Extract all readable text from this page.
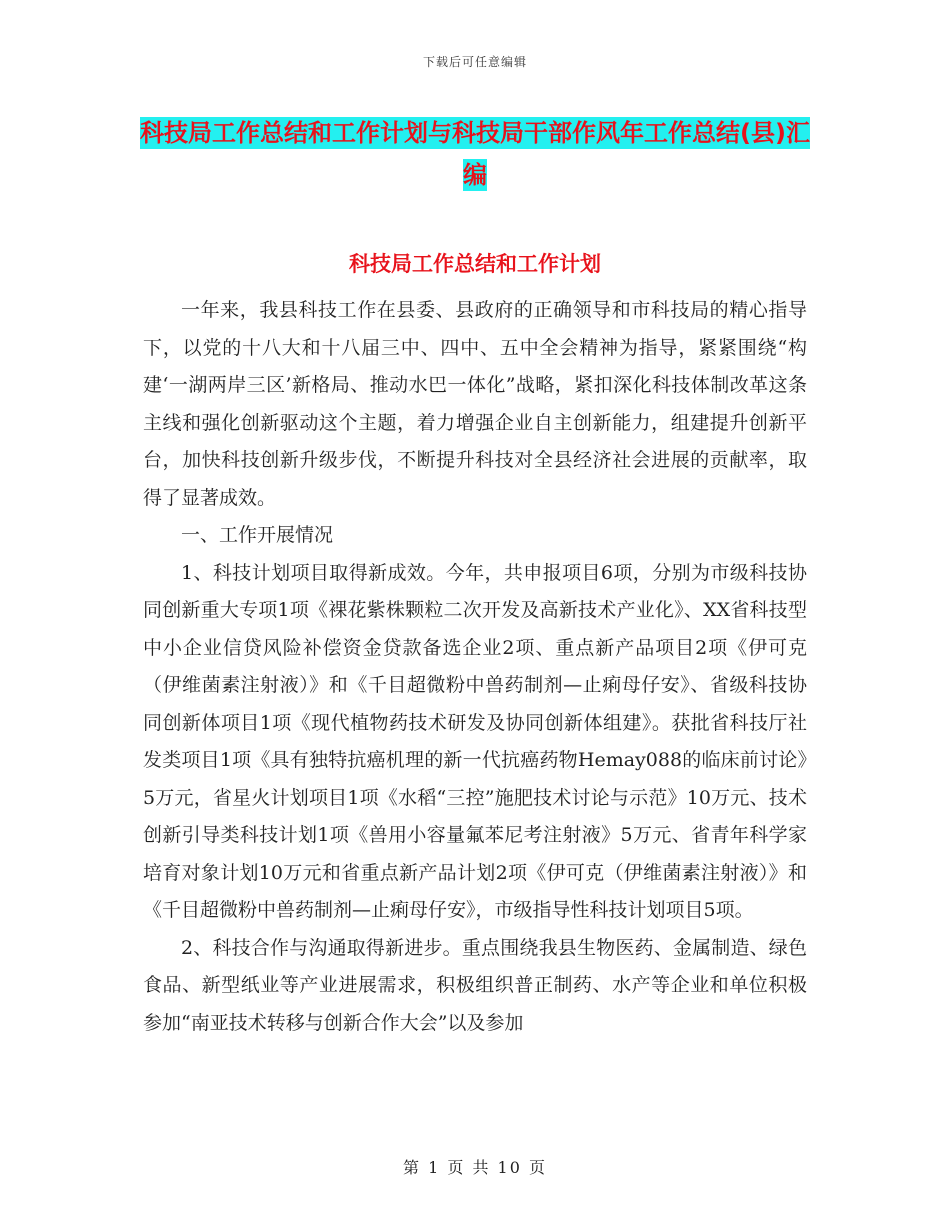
下载后可任意编辑
科技局工作总结和工作计划与科技局干部作风年工作总结(县)汇编
科技局工作总结和工作计划

一年来，我县科技工作在县委、县政府的正确领导和市科技局的精心指导下，以党的十八大和十八届三中、四中、五中全会精神为指导，紧紧围绕“构建‘一湖两岸三区’新格局、推动水巴一体化”战略，紧扣深化科技体制改革这条主线和强化创新驱动这个主题，着力增强企业自主创新能力，组建提升创新平台，加快科技创新升级步伐，不断提升科技对全县经济社会进展的贡献率，取得了显著成效。

一、工作开展情况

1、科技计划项目取得新成效。今年，共申报项目6项，分别为市级科技协同创新重大专项1项《裸花紫株颗粒二次开发及高新技术产业化》、XX省科技型中小企业信贷风险补偿资金贷款备选企业2项、重点新产品项目2项《伊可克（伊维菌素注射液）》和《千目超微粉中兽药制剂—止痢母仔安》、省级科技协同创新体项目1项《现代植物药技术研发及协同创新体组建》。获批省科技厅社发类项目1项《具有独特抗癌机理的新一代抗癌药物Hemay088的临床前讨论》5万元，省星火计划项目1项《水稻“三控”施肥技术讨论与示范》10万元、技术创新引导类科技计划1项《兽用小容量氟苯尼考注射液》5万元、省青年科学家培育对象计划10万元和省重点新产品计划2项《伊可克（伊维菌素注射液）》和《千目超微粉中兽药制剂—止痢母仔安》，市级指导性科技计划项目5项。

2、科技合作与沟通取得新进步。重点围绕我县生物医药、金属制造、绿色食品、新型纸业等产业进展需求，积极组织普正制药、水产等企业和单位积极参加“南亚技术转移与创新合作大会”以及参加

第 1 页 共 10 页
